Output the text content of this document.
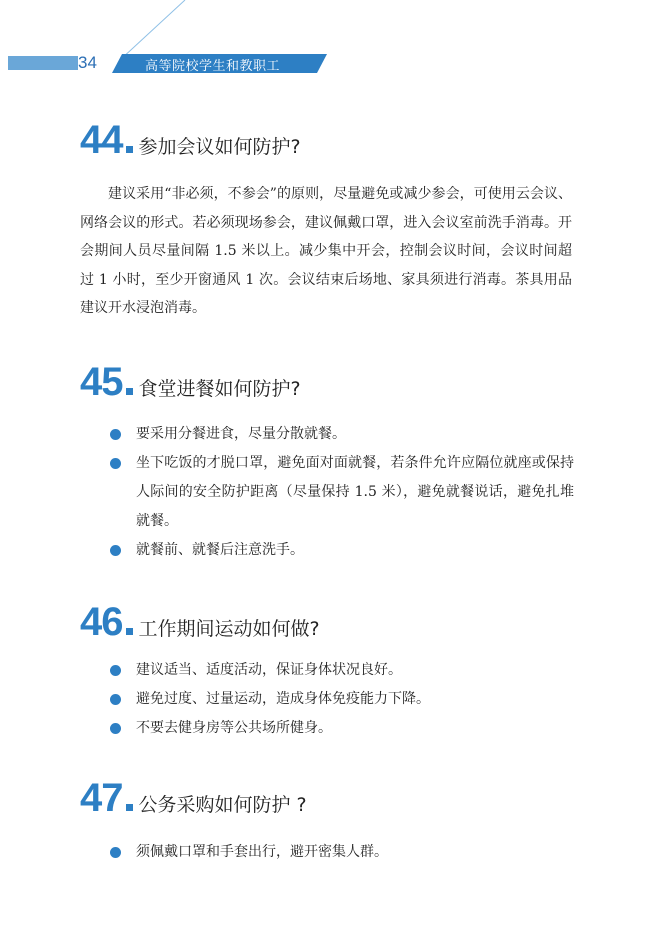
34	高等院校学生和教职工
44 参加会议如何防护?

建议采用“非必须，不参会”的原则，尽量避免或减少参会，可使用云会议、网络会议的形式。若必须现场参会，建议佩戴口罩，进入会议室前洗手消毒。开会期间人员尽量间隔 1.5 米以上。减少集中开会，控制会议时间，会议时间超过 1 小时，至少开窗通风 1 次。会议结束后场地、家具须进行消毒。茶具用品建议开水浸泡消毒。

45 食堂进餐如何防护?
要采用分餐进食，尽量分散就餐。
坐下吃饭的才脱口罩，避免面对面就餐，若条件允许应隔位就座或保持人际间的安全防护距离（尽量保持 1.5 米），避免就餐说话，避免扎堆就餐。
就餐前、就餐后注意洗手。
46 工作期间运动如何做?
建议适当、适度活动，保证身体状况良好。
避免过度、过量运动，造成身体免疫能力下降。
不要去健身房等公共场所健身。
47 公务采购如何防护 ?
须佩戴口罩和手套出行，避开密集人群。
